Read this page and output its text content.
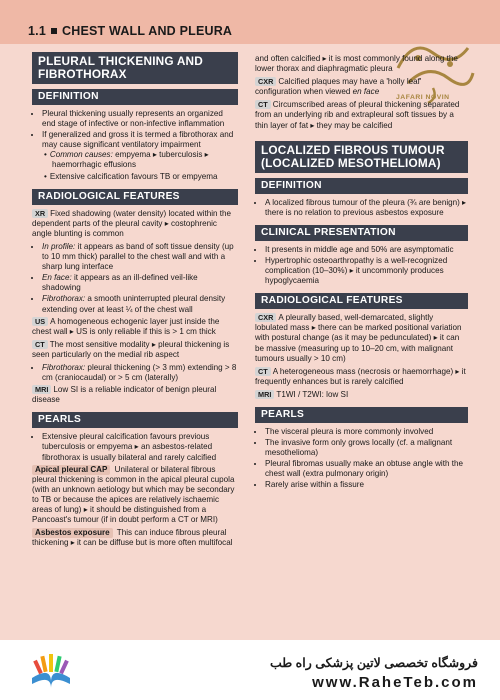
1.1 CHEST WALL AND PLEURA
JAFARI NOVIN
PLEURAL THICKENING AND
FIBROTHORAX
DEFINITION
• Pleural thickening usually represents an organized end stage of infective or non-infective inflammation
• If generalized and gross it is termed a fibrothorax and may cause significant ventilatory impairment
• Common causes: empyema ▸ tuberculosis ▸ haemorrhagic effusions
• Extensive calcification favours TB or empyema
RADIOLOGICAL FEATURES
XR Fixed shadowing (water density) located within the dependent parts of the pleural cavity ▸ costophrenic angle blunting is common
• In profile: it appears as band of soft tissue density (up to 10 mm thick) parallel to the chest wall and with a sharp lung interface
• En face: it appears as an ill-defined veil-like shadowing
• Fibrothorax: a smooth uninterrupted pleural density extending over at least ¼ of the chest wall
US A homogeneous echogenic layer just inside the chest wall ▸ US is only reliable if this is > 1 cm thick
CT The most sensitive modality ▸ pleural thickening is seen particularly on the medial rib aspect
• Fibrothorax: pleural thickening (> 3 mm) extending > 8 cm (craniocaudal) or > 5 cm (laterally)
MRI Low SI is a reliable indicator of benign pleural disease
PEARLS
• Extensive pleural calcification favours previous tuberculosis or empyema ▸ an asbestos-related fibrothorax is usually bilateral and rarely calcified
Apical pleural CAP Unilateral or bilateral fibrous pleural thickening is common in the apical pleural cupola (with an unknown aetiology but which may be secondary to TB or because the apices are relatively ischaemic areas of lung) ▸ it should be distinguished from a Pancoast's tumour (if in doubt perform a CT or MRI)
Asbestos exposure This can induce fibrous pleural thickening ▸ it can be diffuse but is more often multifocal
and often calcified ▸ it is most commonly found along the lower thorax and diaphragmatic pleura
CXR Calcified plaques may have a 'holly leaf' configuration when viewed en face
CT Circumscribed areas of pleural thickening separated from an underlying rib and extrapleural soft tissues by a thin layer of fat ▸ they may be calcified
LOCALIZED FIBROUS TUMOUR
(LOCALIZED MESOTHELIOMA)
DEFINITION
• A localized fibrous tumour of the pleura (¾ are benign) ▸ there is no relation to previous asbestos exposure
CLINICAL PRESENTATION
• It presents in middle age and 50% are asymptomatic
• Hypertrophic osteoarthropathy is a well-recognized complication (10–30%) ▸ it uncommonly produces hypoglycaemia
RADIOLOGICAL FEATURES
CXR A pleurally based, well-demarcated, slightly lobulated mass ▸ there can be marked positional variation with postural change (as it may be pedunculated) ▸ it can be massive (measuring up to 10–20 cm, with malignant tumours usually > 10 cm)
CT A heterogeneous mass (necrosis or haemorrhage) ▸ it frequently enhances but is rarely calcified
MRI T1WI / T2WI: low SI
PEARLS
• The visceral pleura is more commonly involved
• The invasive form only grows locally (cf. a malignant mesothelioma)
• Pleural fibromas usually make an obtuse angle with the chest wall (extra pulmonary origin)
• Rarely arise within a fissure
فروشگاه تخصصی لاتین پزشکی راه طب
www.RaheTeb.com
